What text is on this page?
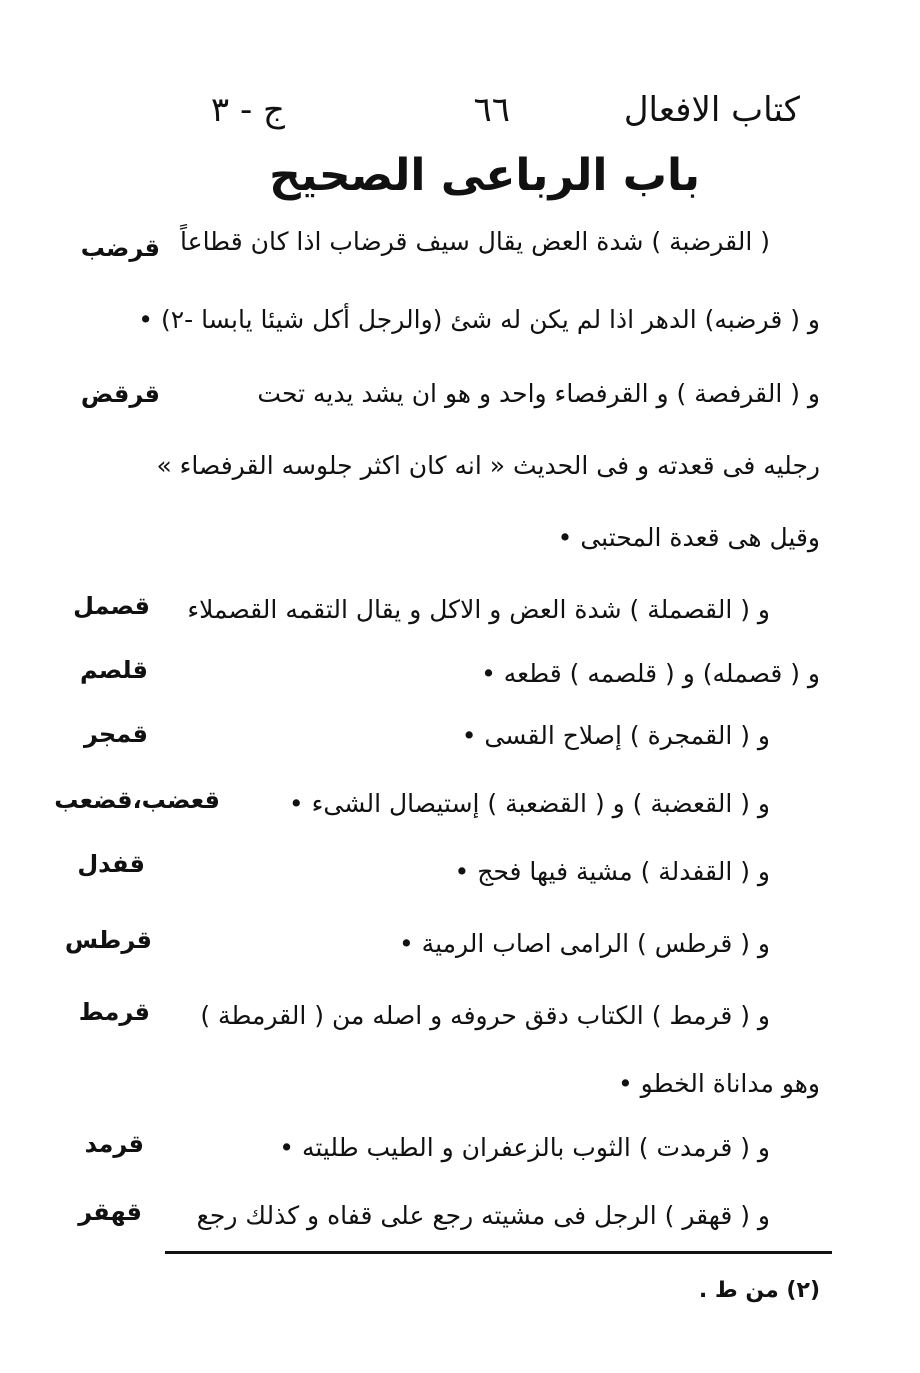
كتاب الافعال
٦٦
ج - ٣
باب الرباعى الصحيح
( القرضبة ) شدة العض يقال سيف قرضاب اذا كان قطاعاً
و ( قرضبه) الدهر اذا لم يكن له شئ (والرجل أكل شيئا يابسا -٢) •
و ( القرفصة ) و القرفصاء واحد و هو ان يشد يديه تحت
رجليه فى قعدته و فى الحديث « انه كان اكثر جلوسه القرفصاء »
وقيل هى قعدة المحتبى •
و ( القصملة ) شدة العض و الاكل و يقال التقمه القصملاء
و ( قصمله) و ( قلصمه ) قطعه •
و ( القمجرة ) إصلاح القسى •
و ( القعضبة ) و ( القضعبة ) إستيصال الشىء •
و ( القفدلة ) مشية فيها فحج •
و ( قرطس ) الرامى اصاب الرمية •
و ( قرمط ) الكتاب دقق حروفه و اصله من ( القرمطة )
وهو مداناة الخطو •
و ( قرمدت ) الثوب بالزعفران و الطيب طليته •
و ( قهقر ) الرجل فى مشيته رجع على قفاه و كذلك رجع
قرضب
قرقض
قصمل
قلصم
قمجر
قعضب،قضعب
قفدل
قرطس
قرمط
قرمد
قهقر
(٢) من ط .
